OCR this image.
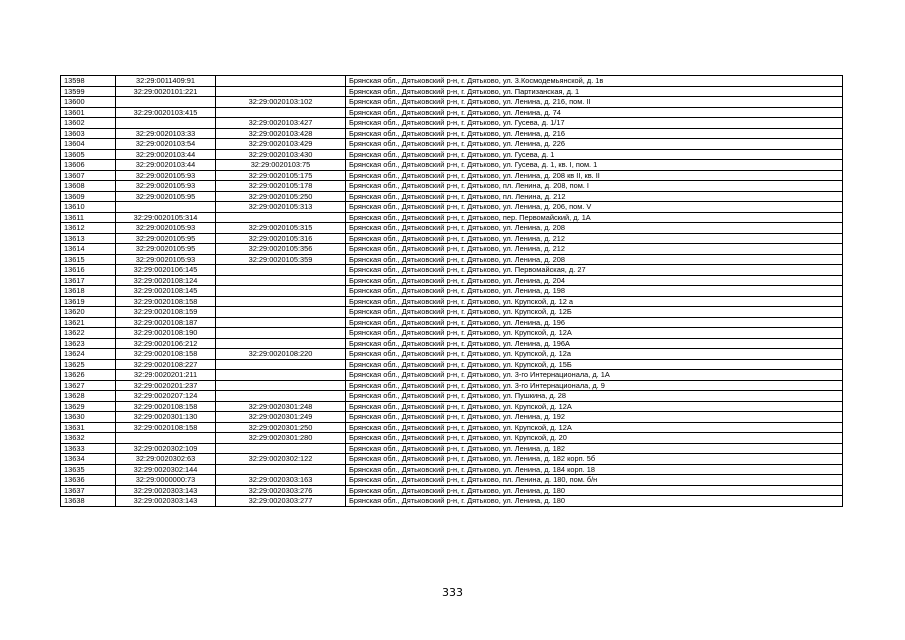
13598	32:29:0011409:91		Брянская обл., Дятьковский р-н, г. Дятьково, ул. 3.Космодемьянской, д. 1в
13599	32:29:0020101:221		Брянская обл., Дятьковский р-н, г. Дятьково, ул. Партизанская, д. 1
13600		32:29:0020103:102	Брянская обл., Дятьковский р-н, г. Дятьково, ул. Ленина, д. 216, пом. II
13601	32:29:0020103:415		Брянская обл., Дятьковский р-н, г. Дятьково, ул. Ленина, д. 74
13602		32:29:0020103:427	Брянская обл., Дятьковский р-н, г. Дятьково, ул. Гусева, д. 1/17
13603	32:29:0020103:33	32:29:0020103:428	Брянская обл., Дятьковский р-н, г. Дятьково, ул. Ленина, д. 216
13604	32:29:0020103:54	32:29:0020103:429	Брянская обл., Дятьковский р-н, г. Дятьково, ул. Ленина, д. 226
13605	32:29:0020103:44	32:29:0020103:430	Брянская обл., Дятьковский р-н, г. Дятьково, ул. Гусева, д. 1
13606	32:29:0020103:44	32:29:0020103:75	Брянская обл., Дятьковский р-н, г. Дятьково, ул. Гусева, д. 1, кв. I, пом. 1
13607	32:29:0020105:93	32:29:0020105:175	Брянская обл., Дятьковский р-н, г. Дятьково, ул. Ленина, д. 208 кв II, кв. II
13608	32:29:0020105:93	32:29:0020105:178	Брянская обл., Дятьковский р-н, г. Дятьково, пл. Ленина, д. 208, пом. I
13609	32:29:0020105:95	32:29:0020105:250	Брянская обл., Дятьковский р-н, г. Дятьково, пл. Ленина, д. 212
13610		32:29:0020105:313	Брянская обл., Дятьковский р-н, г. Дятьково, ул. Ленина, д. 206, пом. V
13611	32:29:0020105:314		Брянская обл., Дятьковский р-н, г. Дятьково, пер. Первомайский, д. 1А
13612	32:29:0020105:93	32:29:0020105:315	Брянская обл., Дятьковский р-н, г. Дятьково, ул. Ленина, д. 208
13613	32:29:0020105:95	32:29:0020105:316	Брянская обл., Дятьковский р-н, г. Дятьково, ул. Ленина, д. 212
13614	32:29:0020105:95	32:29:0020105:356	Брянская обл., Дятьковский р-н, г. Дятьково, ул. Ленина, д. 212
13615	32:29:0020105:93	32:29:0020105:359	Брянская обл., Дятьковский р-н, г. Дятьково, ул. Ленина, д. 208
13616	32:29:0020106:145		Брянская обл., Дятьковский р-н, г. Дятьково, ул. Первомайская, д. 27
13617	32:29:0020108:124		Брянская обл., Дятьковский р-н, г. Дятьково, ул. Ленина, д. 204
13618	32:29:0020108:145		Брянская обл., Дятьковский р-н, г. Дятьково, ул. Ленина, д. 198
13619	32:29:0020108:158		Брянская обл., Дятьковский р-н, г. Дятьково, ул. Крупской, д. 12 а
13620	32:29:0020108:159		Брянская обл., Дятьковский р-н, г. Дятьково, ул. Крупской, д. 12Б
13621	32:29:0020108:187		Брянская обл., Дятьковский р-н, г. Дятьково, ул. Ленина, д. 196
13622	32:29:0020108:190		Брянская обл., Дятьковский р-н, г. Дятьково, ул. Крупской, д. 12А
13623	32:29:0020106:212		Брянская обл., Дятьковский р-н, г. Дятьково, ул. Ленина, д. 196А
13624	32:29:0020108:158	32:29:0020108:220	Брянская обл., Дятьковский р-н, г. Дятьково, ул. Крупской, д. 12а
13625	32:29:0020108:227		Брянская обл., Дятьковский р-н, г. Дятьково, ул. Крупской, д. 15Б
13626	32:29:0020201:211		Брянская обл., Дятьковский р-н, г. Дятьково, ул. 3-го Интернационала, д. 1А
13627	32:29:0020201:237		Брянская обл., Дятьковский р-н, г. Дятьково, ул. 3-го Интернационала, д. 9
13628	32:29:0020207:124		Брянская обл., Дятьковский р-н, г. Дятьково, ул. Пушкина, д. 28
13629	32:29:0020108:158	32:29:0020301:248	Брянская обл., Дятьковский р-н, г. Дятьково, ул. Крупской, д. 12А
13630	32:29:0020301:130	32:29:0020301:249	Брянская обл., Дятьковский р-н, г. Дятьково, ул. Ленина, д. 192
13631	32:29:0020108:158	32:29:0020301:250	Брянская обл., Дятьковский р-н, г. Дятьково, ул. Крупской, д. 12А
13632		32:29:0020301:280	Брянская обл., Дятьковский р-н, г. Дятьково, ул. Крупской, д. 20
13633	32:29:0020302:109		Брянская обл., Дятьковский р-н, г. Дятьково, ул. Ленина, д. 182
13634	32:29:0020302:63	32:29:0020302:122	Брянская обл., Дятьковский р-н, г. Дятьково, ул. Ленина, д. 182 корп. 5б
13635	32:29:0020302:144		Брянская обл., Дятьковский р-н, г. Дятьково, ул. Ленина, д. 184 корп. 18
13636	32:29:0000000:73	32:29:0020303:163	Брянская обл., Дятьковский р-н, г. Дятьково, пл. Ленина, д. 180, пом. б/н
13637	32:29:0020303:143	32:29:0020303:276	Брянская обл., Дятьковский р-н, г. Дятьково, ул. Ленина, д. 180
13638	32:29:0020303:143	32:29:0020303:277	Брянская обл., Дятьковский р-н, г. Дятьково, ул. Ленина, д. 180
333
